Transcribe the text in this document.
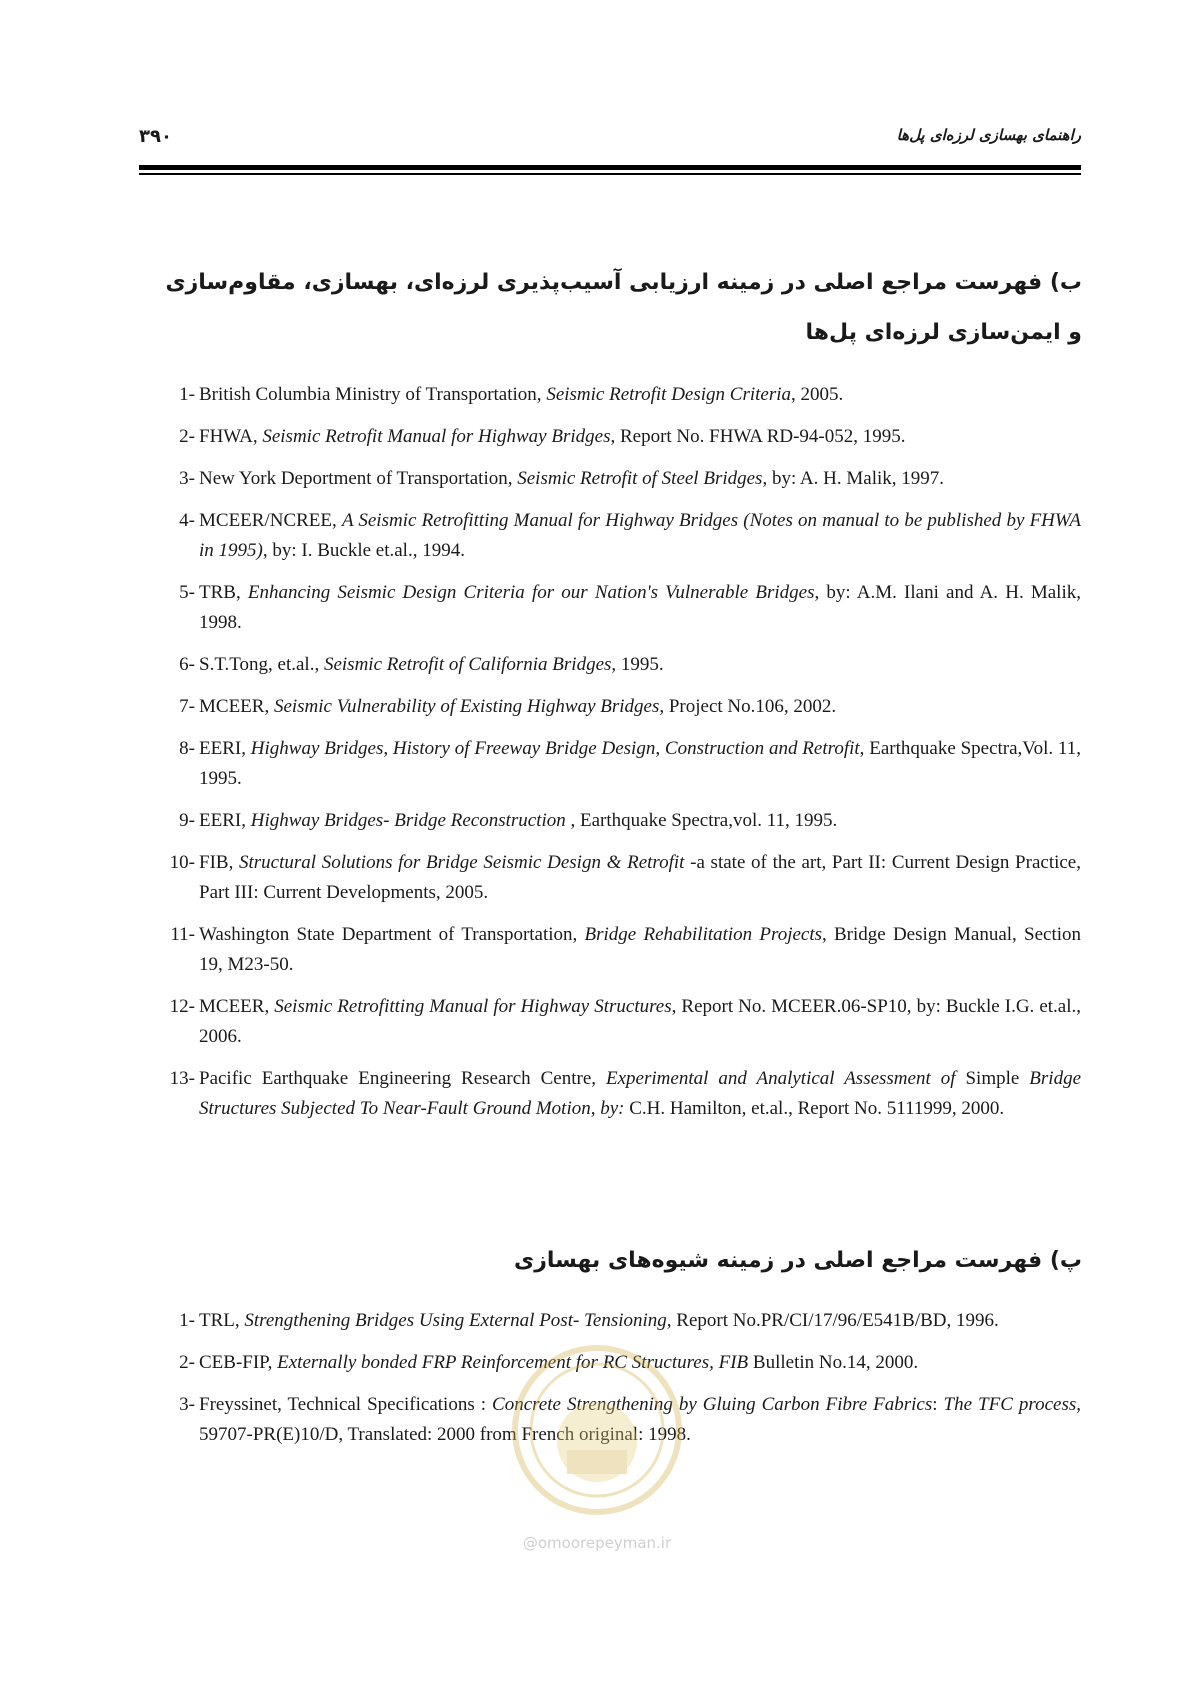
۳۹۰	راهنمای بهسازی لرزه‌ای پل‌ها
ب) فهرست مراجع اصلی در زمینه ارزیابی آسیب‌پذیری لرزه‌ای، بهسازی، مقاوم‌سازی و ایمن‌سازی لرزه‌ای پل‌ها
1- British Columbia Ministry of Transportation, Seismic Retrofit Design Criteria, 2005.
2- FHWA, Seismic Retrofit Manual for Highway Bridges, Report No. FHWA RD-94-052, 1995.
3- New York Deportment of Transportation, Seismic Retrofit of Steel Bridges, by: A. H. Malik, 1997.
4- MCEER/NCREE, A Seismic Retrofitting Manual for Highway Bridges (Notes on manual to be published by FHWA in 1995), by: I. Buckle et.al., 1994.
5- TRB, Enhancing Seismic Design Criteria for our Nation's Vulnerable Bridges, by: A.M. Ilani and A. H. Malik, 1998.
6- S.T.Tong, et.al., Seismic Retrofit of California Bridges, 1995.
7- MCEER, Seismic Vulnerability of Existing Highway Bridges, Project No.106, 2002.
8- EERI, Highway Bridges, History of Freeway Bridge Design, Construction and Retrofit, Earthquake Spectra,Vol. 11, 1995.
9- EERI, Highway Bridges- Bridge Reconstruction , Earthquake Spectra,vol. 11, 1995.
10- FIB, Structural Solutions for Bridge Seismic Design & Retrofit -a state of the art, Part II: Current Design Practice, Part III: Current Developments, 2005.
11- Washington State Department of Transportation, Bridge Rehabilitation Projects, Bridge Design Manual, Section 19, M23-50.
12- MCEER, Seismic Retrofitting Manual for Highway Structures, Report No. MCEER.06-SP10, by: Buckle I.G. et.al., 2006.
13- Pacific Earthquake Engineering Research Centre, Experimental and Analytical Assessment of Simple Bridge Structures Subjected To Near-Fault Ground Motion, by: C.H. Hamilton, et.al., Report No. 5111999, 2000.
پ) فهرست مراجع اصلی در زمینه شیوه‌های بهسازی
1- TRL, Strengthening Bridges Using External Post- Tensioning, Report No.PR/CI/17/96/E541B/BD, 1996.
2- CEB-FIP, Externally bonded FRP Reinforcement for RC Structures, FIB Bulletin No.14, 2000.
3- Freyssinet, Technical Specifications : Concrete Strengthening by Gluing Carbon Fibre Fabrics: The TFC process, 59707-PR(E)10/D, Translated: 2000 from French original: 1998.
@omoorepeyman.ir
